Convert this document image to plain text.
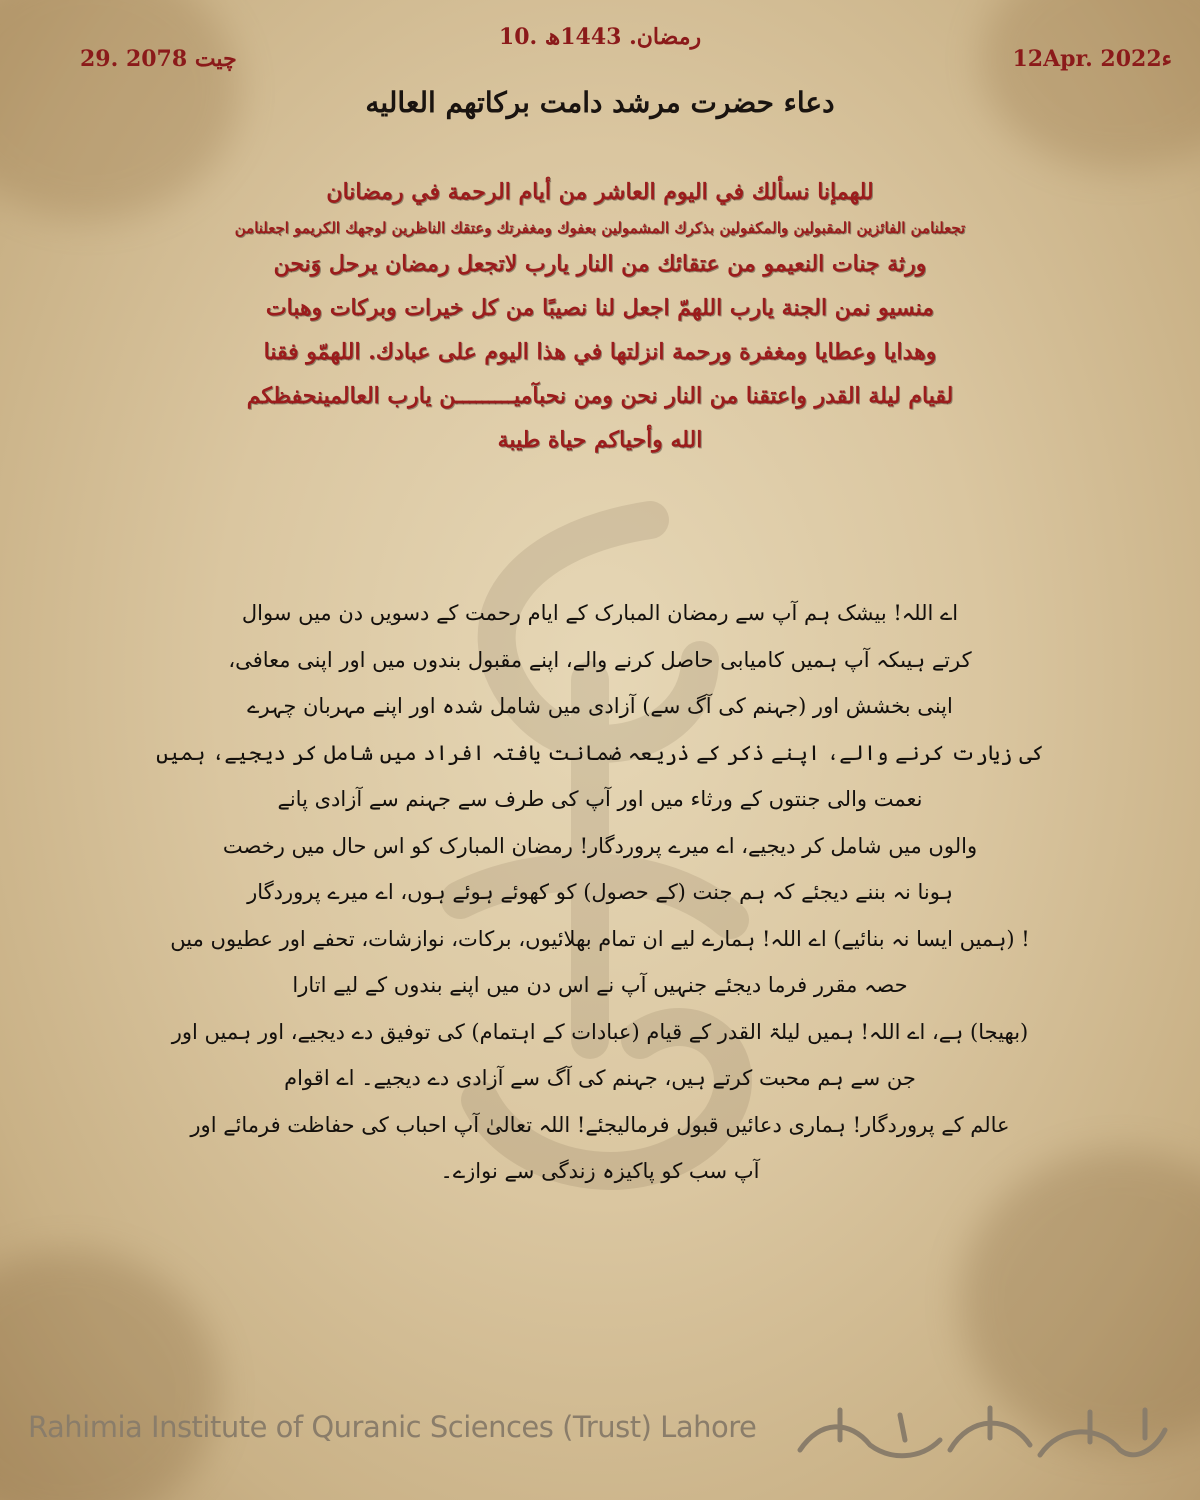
10. رمضان. 1443ھ
12Apr. 2022ء
29. چیت 2078
دعاء حضرت مرشد دامت برکاتهم العالیه
للهمإنا نسألك في اليوم العاشر من أيام الرحمة في رمضانان
تجعلنامن الفائزين المقبولين والمكفولين بذكرك المشمولين بعفوك ومغفرتك وعتقك الناظرين لوجهك الكريمو اجعلنامن
ورثة جنات النعيمو من عتقائك من النار يارب لاتجعل رمضان يرحل وَنحن
منسيو نمن الجنة يارب اللهمّ اجعل لنا نصيبًا من كل خيرات وبركات وهبات
وهدايا وعطايا ومغفرة ورحمة انزلتها في هذا اليوم على عبادك. اللهمّو فقنا
لقيام ليلة القدر واعتقنا من النار نحن ومن نحبآميـــــــــن يارب العالمينحفظكم
الله وأحياكم حياة طيبة
اے اللہ! بیشک ہم آپ سے رمضان المبارک کے ایام رحمت کے دسویں دن میں سوال
کرتے ہیںکہ آپ ہمیں کامیابی حاصل کرنے والے، اپنے مقبول بندوں میں اور اپنی معافی،
اپنی بخشش اور (جہنم کی آگ سے) آزادی میں شامل شدہ اور اپنے مہربان چہرے
کی زیارت کرنے والے، اپنے ذکر کے ذریعہ ضمانت یافتہ افراد میں شامل کر دیجیے، ہمیں
نعمت والی جنتوں کے ورثاء میں اور آپ کی طرف سے جہنم سے آزادی پانے
والوں میں شامل کر دیجیے، اے میرے پروردگار! رمضان المبارک کو اس حال میں رخصت
ہونا نہ بننے دیجئے کہ ہم جنت (کے حصول) کو کھوئے ہوئے ہوں، اے میرے پروردگار
! (ہمیں ایسا نہ بنائیے) اے اللہ! ہمارے لیے ان تمام بھلائیوں، برکات، نوازشات، تحفے اور عطیوں میں
حصہ مقرر فرما دیجئے جنہیں آپ نے اس دن میں اپنے بندوں کے لیے اتارا
(بھیجا) ہے، اے اللہ! ہمیں لیلۃ القدر کے قیام (عبادات کے اہتمام) کی توفیق دے دیجیے، اور ہمیں اور
جن سے ہم محبت کرتے ہیں، جہنم کی آگ سے آزادی دے دیجیے۔ اے اقوام
عالم کے پروردگار! ہماری دعائیں قبول فرمالیجئے! اللہ تعالیٰ آپ احباب کی حفاظت فرمائے اور
آپ سب کو پاکیزہ زندگی سے نوازے۔
Rahimia Institute of Quranic Sciences (Trust) Lahore
